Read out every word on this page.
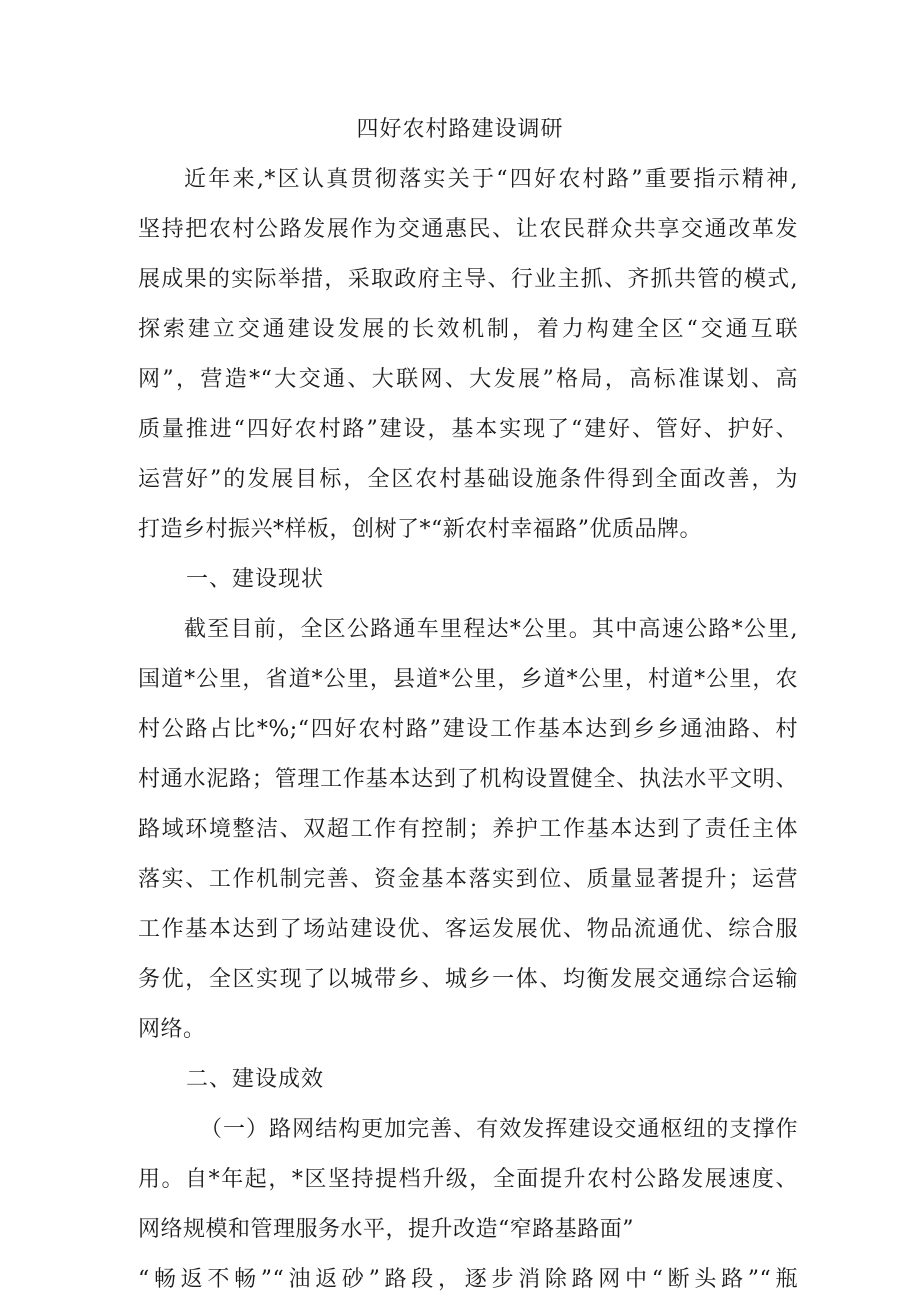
四好农村路建设调研
近年来,*区认真贯彻落实关于“四好农村路”重要指示精神,
坚持把农村公路发展作为交通惠民、让农民群众共享交通改革发
展成果的实际举措，采取政府主导、行业主抓、齐抓共管的模式,
探索建立交通建设发展的长效机制，着力构建全区“交通互联
网”，营造*“大交通、大联网、大发展”格局，高标准谋划、高
质量推进“四好农村路”建设，基本实现了“建好、管好、护好、
运营好”的发展目标，全区农村基础设施条件得到全面改善，为
打造乡村振兴*样板，创树了*“新农村幸福路”优质品牌。
一、建设现状
截至目前，全区公路通车里程达*公里。其中高速公路*公里,
国道*公里，省道*公里，县道*公里，乡道*公里，村道*公里，农
村公路占比*%;“四好农村路”建设工作基本达到乡乡通油路、村
村通水泥路；管理工作基本达到了机构设置健全、执法水平文明、
路域环境整洁、双超工作有控制；养护工作基本达到了责任主体
落实、工作机制完善、资金基本落实到位、质量显著提升；运营
工作基本达到了场站建设优、客运发展优、物品流通优、综合服
务优，全区实现了以城带乡、城乡一体、均衡发展交通综合运输
网络。
二、建设成效
（一）路网结构更加完善、有效发挥建设交通枢纽的支撑作
用。自*年起，*区坚持提档升级，全面提升农村公路发展速度、
网络规模和管理服务水平，提升改造“窄路基路面”
“畅返不畅”“油返砂”路段，逐步消除路网中“断头路”“瓶
